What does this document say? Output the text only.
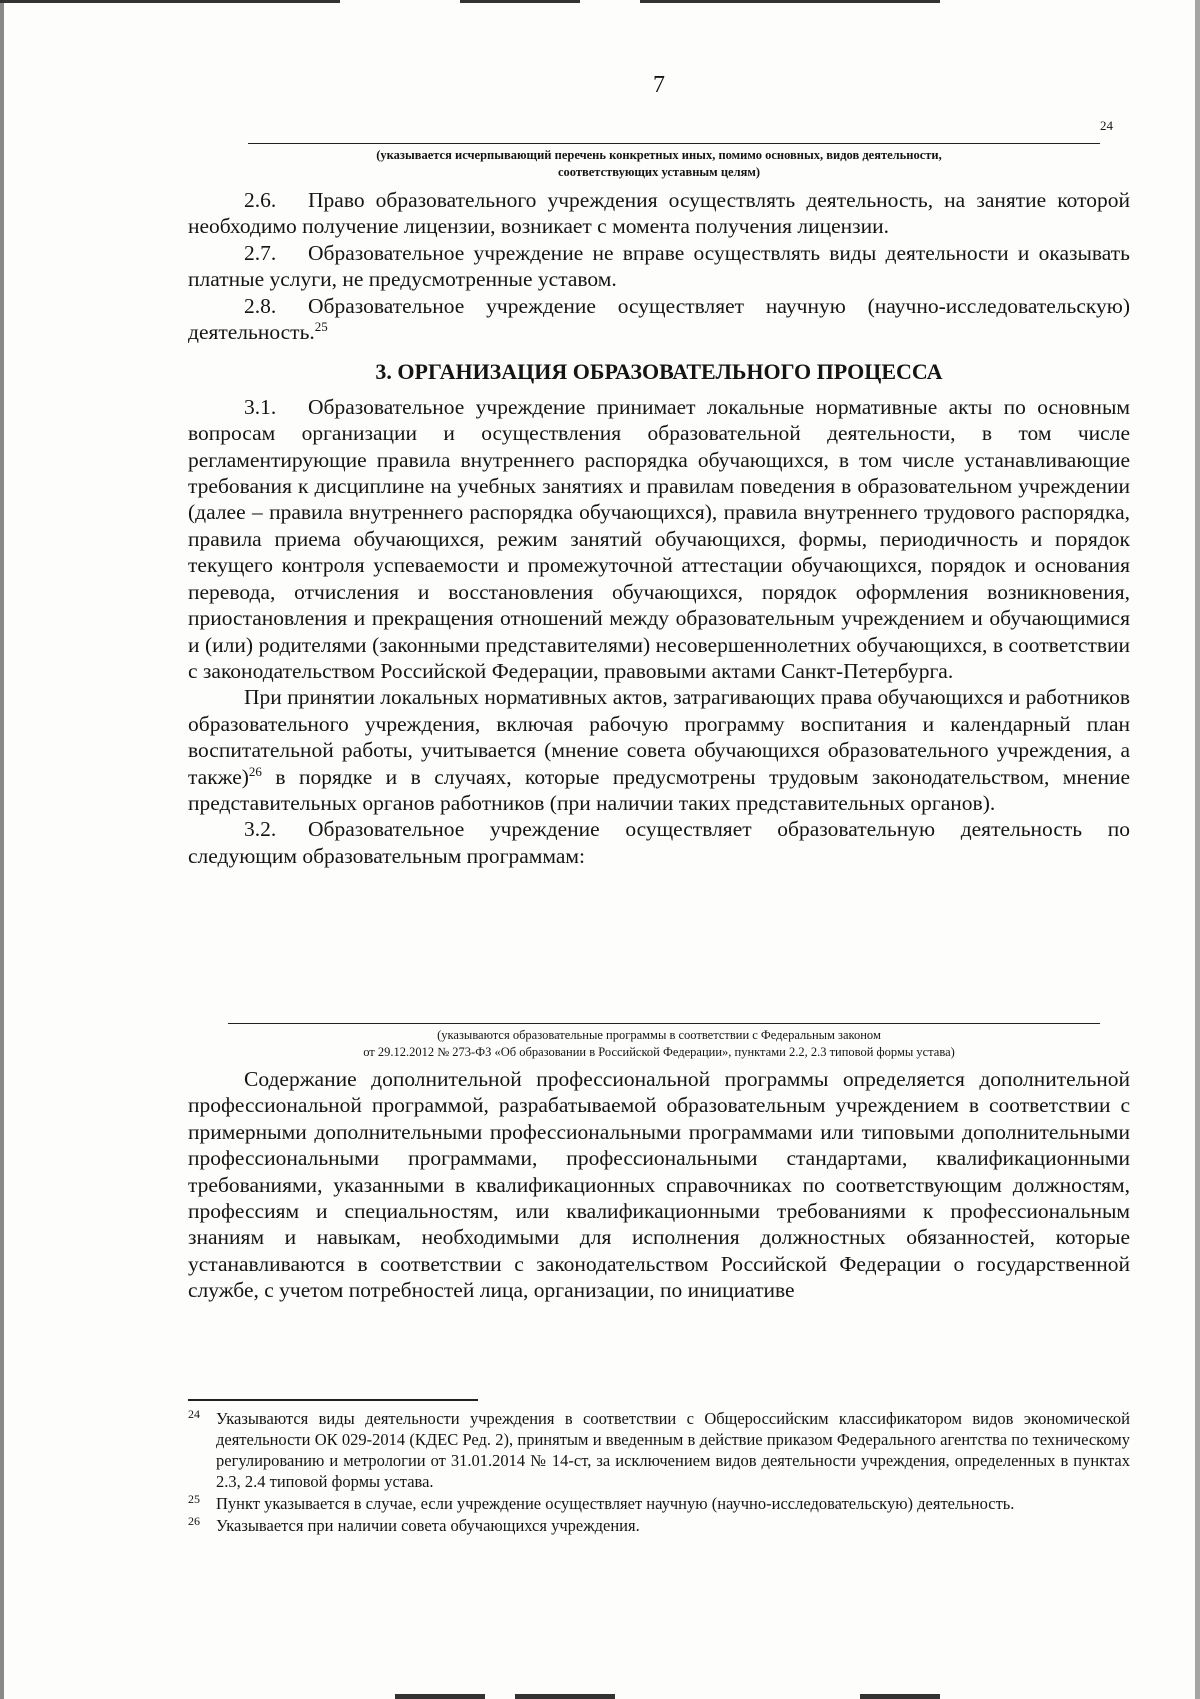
7
24
(указывается исчерпывающий перечень конкретных иных, помимо основных, видов деятельности,
соответствующих уставным целям)

2.6. Право образовательного учреждения осуществлять деятельность, на занятие которой необходимо получение лицензии, возникает с момента получения лицензии.

2.7. Образовательное учреждение не вправе осуществлять виды деятельности и оказывать платные услуги, не предусмотренные уставом.

2.8. Образовательное учреждение осуществляет научную (научно-исследовательскую) деятельность.$^{25}$

3. ОРГАНИЗАЦИЯ ОБРАЗОВАТЕЛЬНОГО ПРОЦЕССА

3.1. Образовательное учреждение принимает локальные нормативные акты по основным вопросам организации и осуществления образовательной деятельности, в том числе регламентирующие правила внутреннего распорядка обучающихся, в том числе устанавливающие требования к дисциплине на учебных занятиях и правилам поведения в образовательном учреждении (далее – правила внутреннего распорядка обучающихся), правила внутреннего трудового распорядка, правила приема обучающихся, режим занятий обучающихся, формы, периодичность и порядок текущего контроля успеваемости и промежуточной аттестации обучающихся, порядок и основания перевода, отчисления и восстановления обучающихся, порядок оформления возникновения, приостановления и прекращения отношений между образовательным учреждением и обучающимися и (или) родителями (законными представителями) несовершеннолетних обучающихся, в соответствии с законодательством Российской Федерации, правовыми актами Санкт-Петербурга.

При принятии локальных нормативных актов, затрагивающих права обучающихся и работников образовательного учреждения, включая рабочую программу воспитания и календарный план воспитательной работы, учитывается (мнение совета обучающихся образовательного учреждения, а также)$^{26}$ в порядке и в случаях, которые предусмотрены трудовым законодательством, мнение представительных органов работников (при наличии таких представительных органов).

3.2. Образовательное учреждение осуществляет образовательную деятельность по следующим образовательным программам:

(указываются образовательные программы в соответствии с Федеральным законом
от 29.12.2012 № 273-ФЗ «Об образовании в Российской Федерации», пунктами 2.2, 2.3 типовой формы устава)

Содержание дополнительной профессиональной программы определяется дополнительной профессиональной программой, разрабатываемой образовательным учреждением в соответствии с примерными дополнительными профессиональными программами или типовыми дополнительными профессиональными программами, профессиональными стандартами, квалификационными требованиями, указанными в квалификационных справочниках по соответствующим должностям, профессиям и специальностям, или квалификационными требованиями к профессиональным знаниям и навыкам, необходимыми для исполнения должностных обязанностей, которые устанавливаются в соответствии с законодательством Российской Федерации о государственной службе, с учетом потребностей лица, организации, по инициативе

24 Указываются виды деятельности учреждения в соответствии с Общероссийским классификатором видов экономической деятельности ОК 029-2014 (КДЕС Ред. 2), принятым и введенным в действие приказом Федерального агентства по техническому регулированию и метрологии от 31.01.2014 № 14-ст, за исключением видов деятельности учреждения, определенных в пунктах 2.3, 2.4 типовой формы устава.
25 Пункт указывается в случае, если учреждение осуществляет научную (научно-исследовательскую) деятельность.
26 Указывается при наличии совета обучающихся учреждения.
